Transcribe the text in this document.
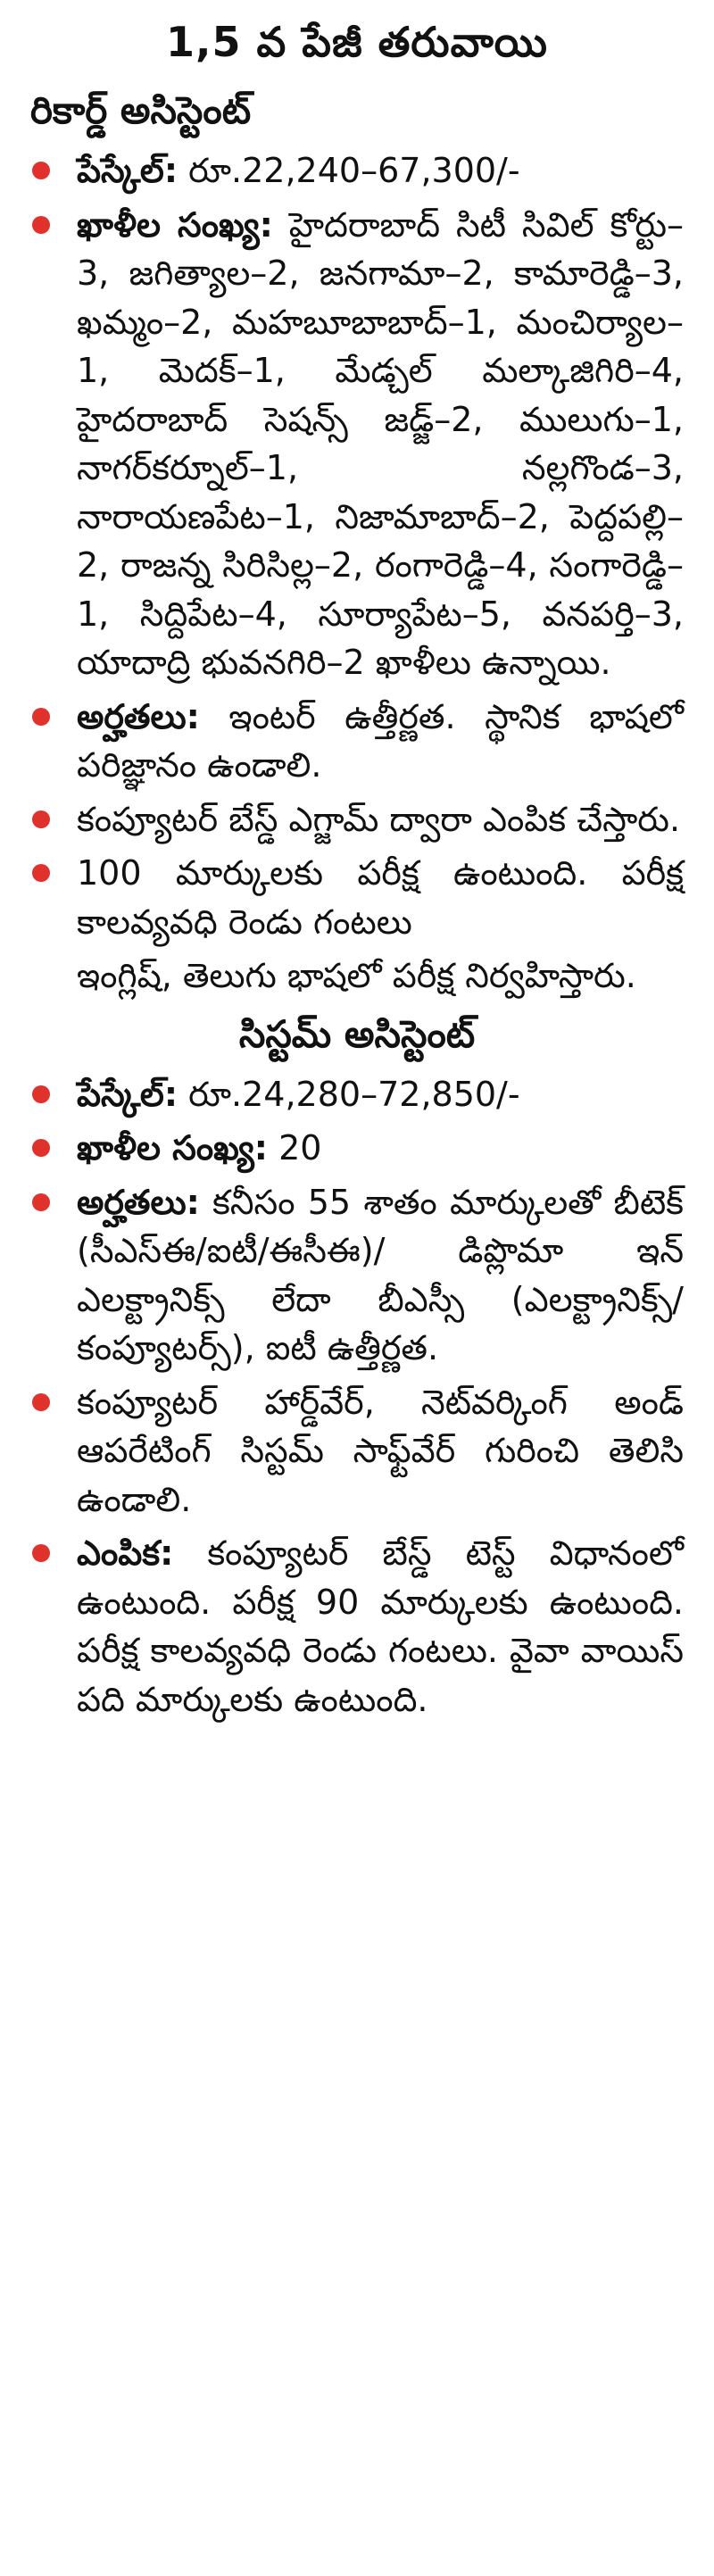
1,5 వ పేజీ తరువాయి
రికార్డ్ అసిస్టెంట్
పేస్కేల్: రూ.22,240–67,300/-
ఖాళీల సంఖ్య: హైదరాబాద్ సిటీ సివిల్ కోర్టు–3, జగిత్యాల–2, జనగామా–2, కామారెడ్డి–3, ఖమ్మం–2, మహబూబాబాద్–1, మంచిర్యాల–1, మెదక్–1, మేడ్చల్ మల్కాజిగిరి–4, హైదరాబాద్ సెషన్స్ జడ్జ్–2, ములుగు–1, నాగర్‌కర్నూల్–1, నల్లగొండ–3, నారాయణపేట–1, నిజామాబాద్–2, పెద్దపల్లి–2, రాజన్న సిరిసిల్ల–2, రంగారెడ్డి–4, సంగారెడ్డి–1, సిద్దిపేట–4, సూర్యాపేట–5, వనపర్తి–3, యాదాద్రి భువనగిరి–2 ఖాళీలు ఉన్నాయి.
అర్హతలు: ఇంటర్ ఉత్తీర్ణత. స్థానిక భాషలో పరిజ్ఞానం ఉండాలి.
కంప్యూటర్ బేస్డ్ ఎగ్జామ్ ద్వారా ఎంపిక చేస్తారు.
100 మార్కులకు పరీక్ష ఉంటుంది. పరీక్ష కాలవ్యవధి రెండు గంటలు
ఇంగ్లిష్, తెలుగు భాషలో పరీక్ష నిర్వహిస్తారు.
సిస్టమ్ అసిస్టెంట్
పేస్కేల్: రూ.24,280–72,850/-
ఖాళీల సంఖ్య: 20
అర్హతలు: కనీసం 55 శాతం మార్కులతో బీటెక్ (సీఎస్ఈ/ఐటీ/ఈసీఈ)/ డిప్లొమా ఇన్ ఎలక్ట్రానిక్స్ లేదా బీఎస్సీ (ఎలక్ట్రానిక్స్/కంప్యూటర్స్), ఐటీ ఉత్తీర్ణత.
కంప్యూటర్ హార్డ్‌వేర్, నెట్‌వర్కింగ్ అండ్ ఆపరేటింగ్ సిస్టమ్ సాఫ్ట్‌వేర్ గురించి తెలిసి ఉండాలి.
ఎంపిక: కంప్యూటర్ బేస్డ్ టెస్ట్ విధానంలో ఉంటుంది. పరీక్ష 90 మార్కులకు ఉంటుంది. పరీక్ష కాలవ్యవధి రెండు గంటలు. వైవా వాయిస్ పది మార్కులకు ఉంటుంది.
